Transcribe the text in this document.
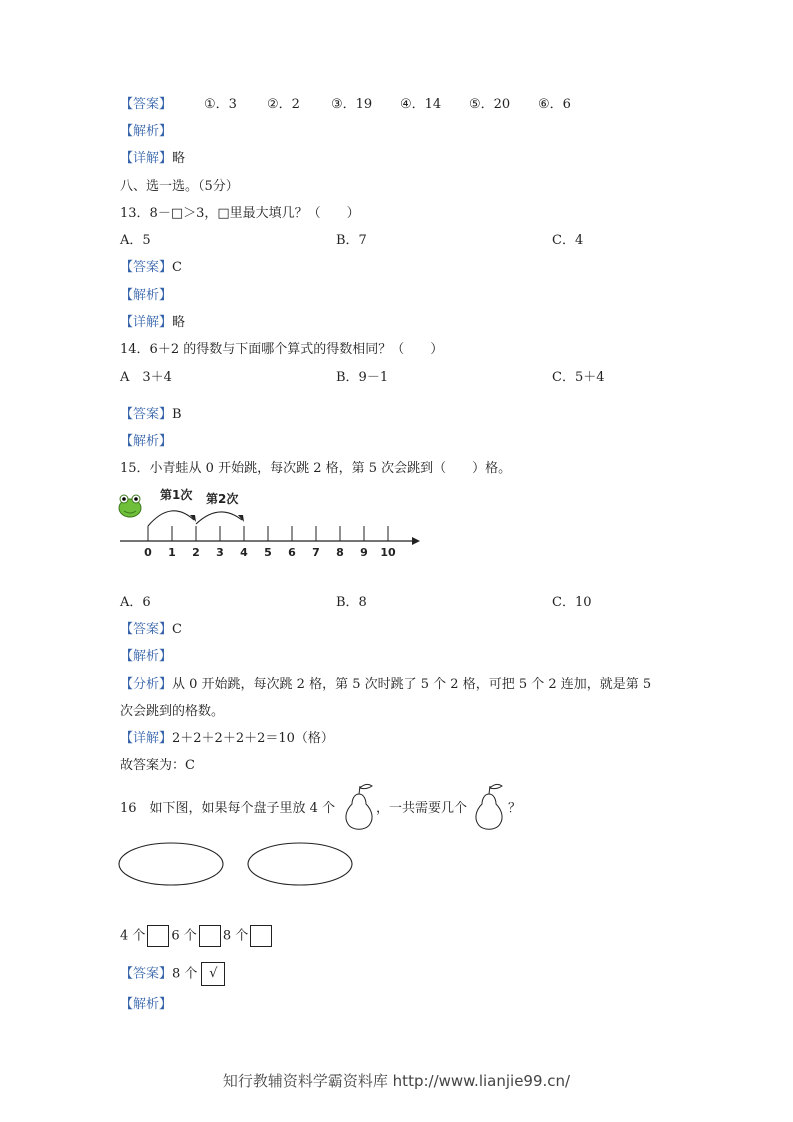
【答案】 ①．3 ②．2 ③．19 ④．14 ⑤．20 ⑥．6
【解析】
【详解】略
八、选一选。（5分）
13．8－□＞3，□里最大填几？（　　）
A．5	B．7	C．4
【答案】C
【解析】
【详解】略
14．6＋2 的得数与下面哪个算式的得数相同？（　　）
A　3＋4	B．9－1	C．5＋4
【答案】B
【解析】
15．小青蛙从 0 开始跳，每次跳 2 格，第 5 次会跳到（　　）格。
第1次 第2次
0 1 2 3 4 5 6 7 8 9 10
A．6	B．8	C．10
【答案】C
【解析】
【分析】从 0 开始跳，每次跳 2 格，第 5 次时跳了 5 个 2 格，可把 5 个 2 连加，就是第 5
次会跳到的格数。
【详解】2＋2＋2＋2＋2＝10（格）
故答案为：C
16　如下图，如果每个盘子里放 4 个	，一共需要几个	？
4 个 6 个 8 个
【答案】8 个 √
【解析】
知行教辅资料学霸资料库 http://www.lianjie99.cn/
